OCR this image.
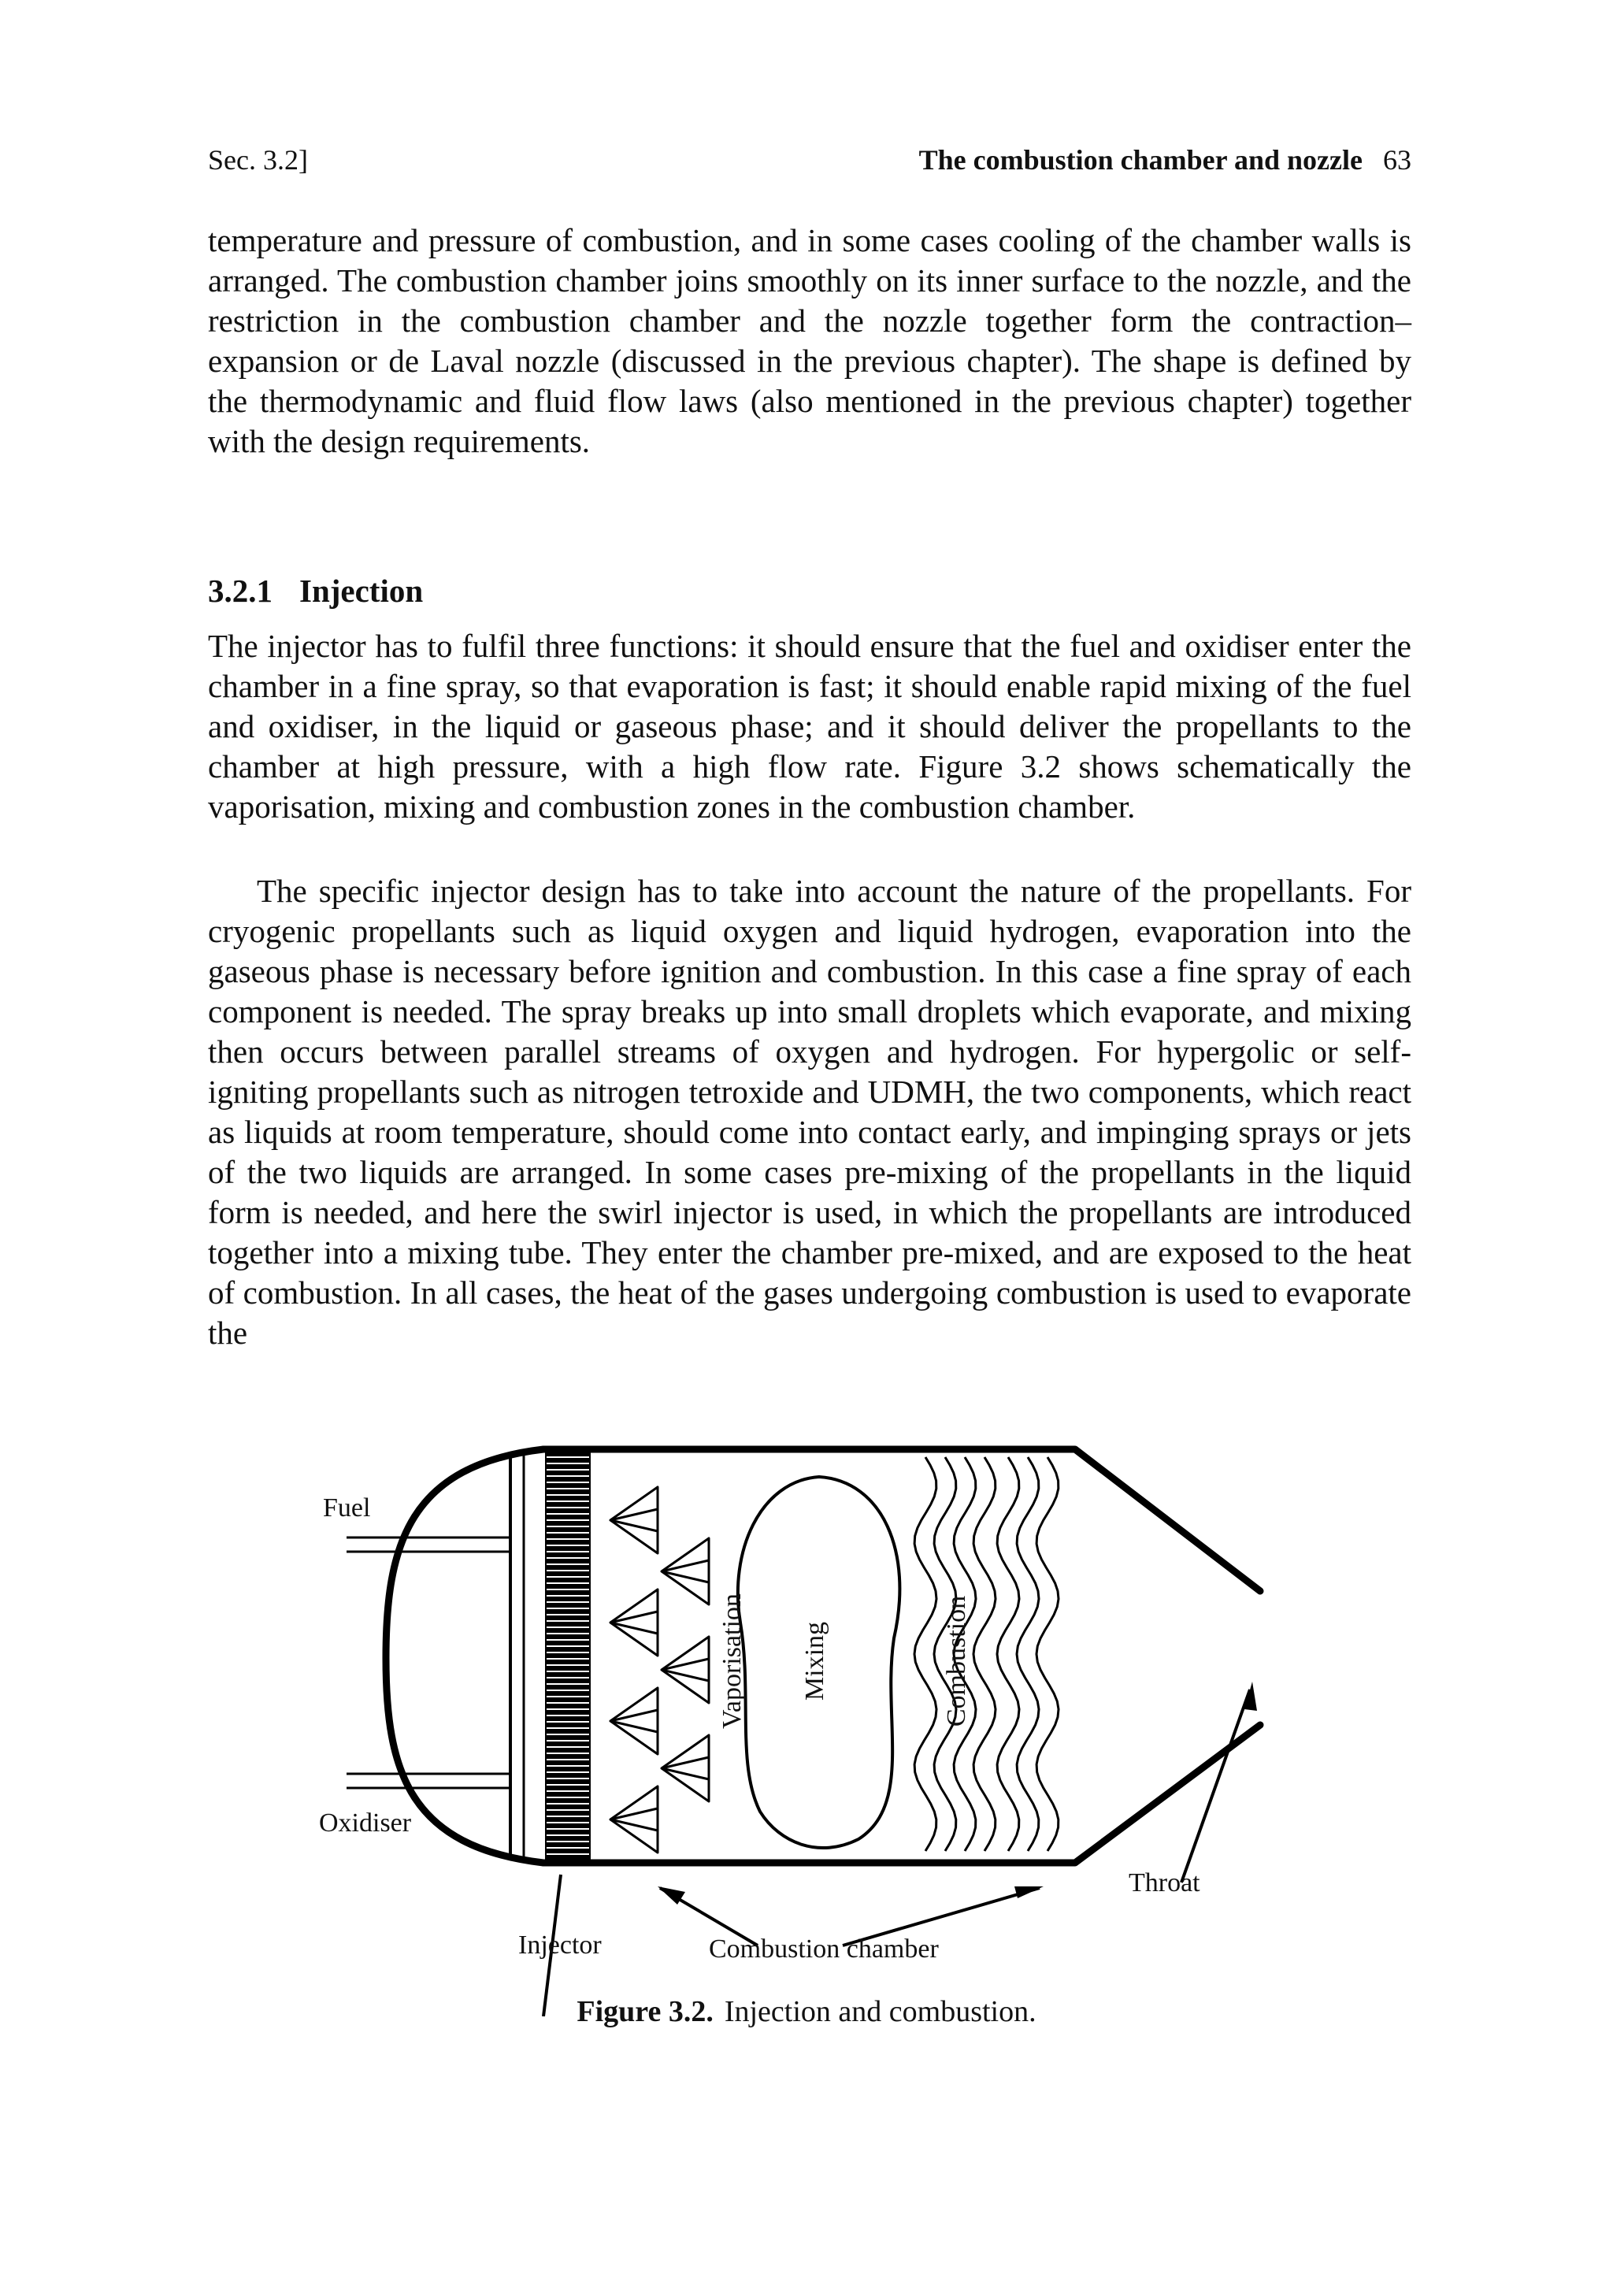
Sec. 3.2]	The combustion chamber and nozzle 63

temperature and pressure of combustion, and in some cases cooling of the chamber walls is arranged. The combustion chamber joins smoothly on its inner surface to the nozzle, and the restriction in the combustion chamber and the nozzle together form the contraction–expansion or de Laval nozzle (discussed in the previous chapter). The shape is defined by the thermodynamic and fluid flow laws (also mentioned in the previous chapter) together with the design requirements.

3.2.1 Injection

The injector has to fulfil three functions: it should ensure that the fuel and oxidiser enter the chamber in a fine spray, so that evaporation is fast; it should enable rapid mixing of the fuel and oxidiser, in the liquid or gaseous phase; and it should deliver the propellants to the chamber at high pressure, with a high flow rate. Figure 3.2 shows schematically the vaporisation, mixing and combustion zones in the combustion chamber.

The specific injector design has to take into account the nature of the propellants. For cryogenic propellants such as liquid oxygen and liquid hydrogen, evaporation into the gaseous phase is necessary before ignition and combustion. In this case a fine spray of each component is needed. The spray breaks up into small droplets which evaporate, and mixing then occurs between parallel streams of oxygen and hydrogen. For hypergolic or self-igniting propellants such as nitrogen tetroxide and UDMH, the two components, which react as liquids at room temperature, should come into contact early, and impinging sprays or jets of the two liquids are arranged. In some cases pre-mixing of the propellants in the liquid form is needed, and here the swirl injector is used, in which the propellants are introduced together into a mixing tube. They enter the chamber pre-mixed, and are exposed to the heat of combustion. In all cases, the heat of the gases undergoing combustion is used to evaporate the

Fuel
Oxidiser
Vaporisation Mixing	Combustion
Throat
Injector	Combustion chamber
Figure 3.2. Injection and combustion.
